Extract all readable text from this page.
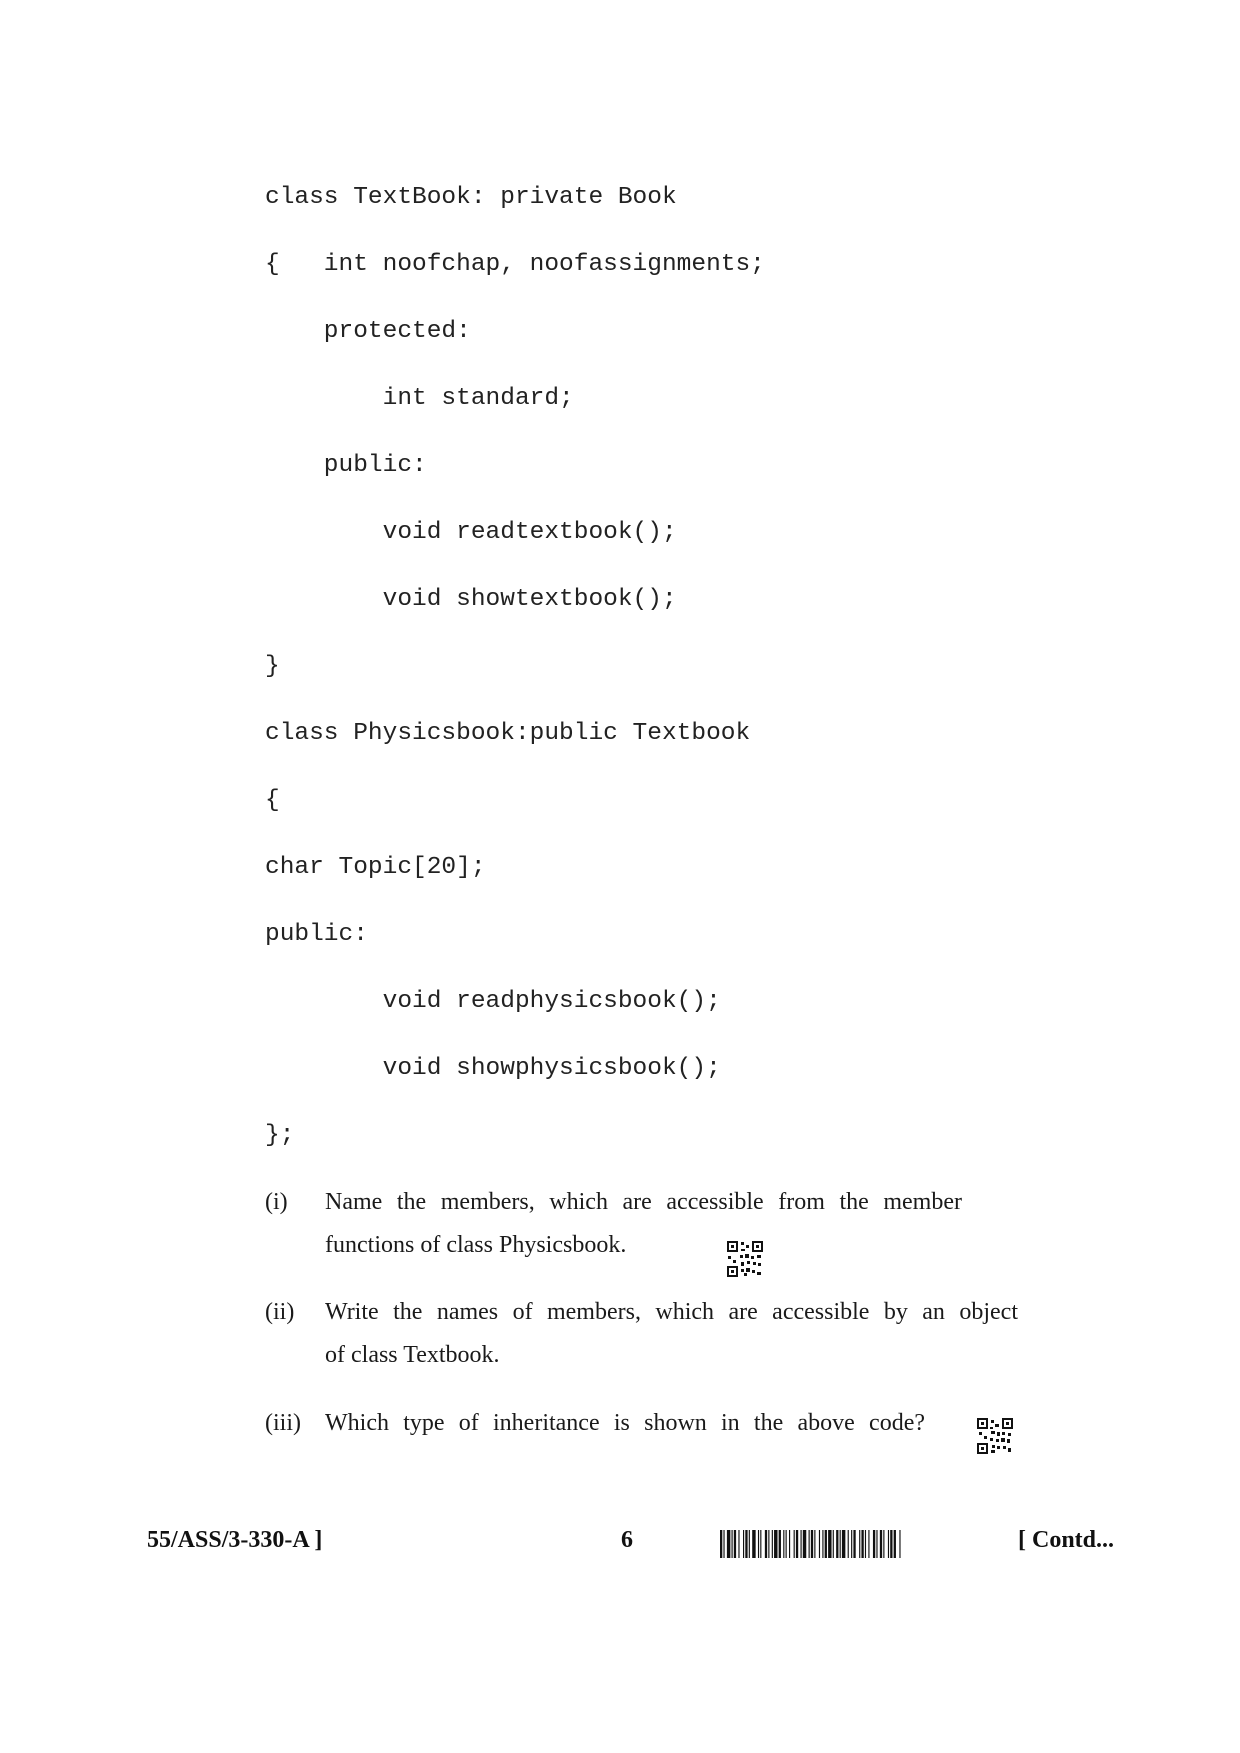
class TextBook: private Book
{   int noofchap, noofassignments;
protected:
int standard;
public:
void readtextbook();
void showtextbook();
}
class Physicsbook:public Textbook
{
char Topic[20];
public:
void readphysicsbook();
void showphysicsbook();
};
(i) Name the members, which are accessible from the member
functions of class Physicsbook.
(ii) Write the names of members, which are accessible by an object
of class Textbook.
(iii) Which type of inheritance is shown in the above code?
55/ASS/3-330-A ]	6	[ Contd...
